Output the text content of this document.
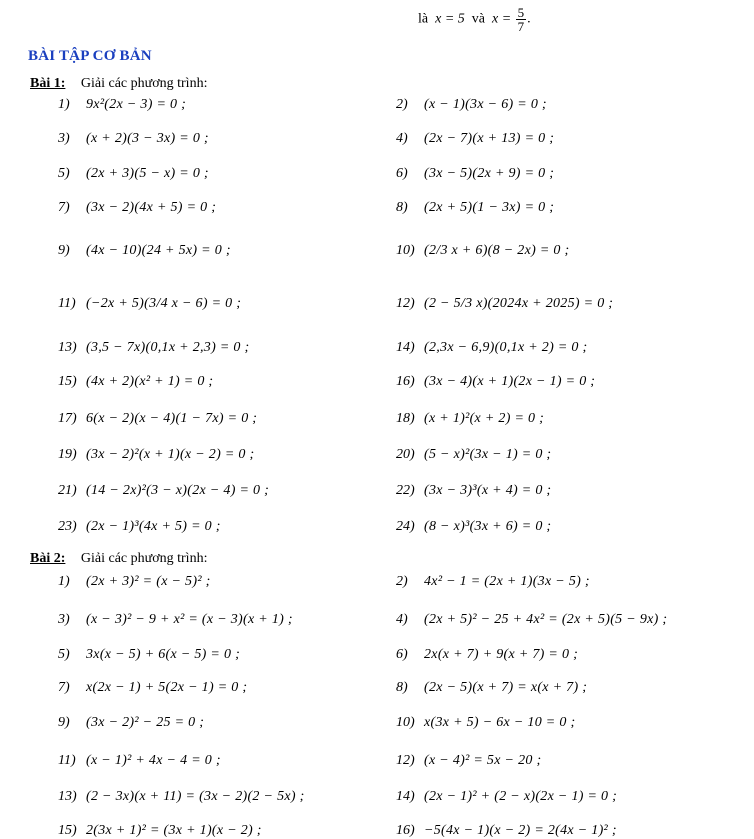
là x = 5 và $x = \frac{5}{7}$ .
BÀI TẬP CƠ BẢN
Bài 1: Giải các phương trình:
1) 9x²(2x − 3) = 0 ;	2) (x − 1)(3x − 6) = 0 ;
3) (x + 2)(3 − 3x) = 0 ;	4) (2x − 7)(x + 13) = 0 ;
5) (2x + 3)(5 − x) = 0 ;	6) (3x − 5)(2x + 9) = 0 ;
7) (3x − 2)(4x + 5) = 0 ;	8) (2x + 5)(1 − 3x) = 0 ;
9) (4x − 10)(24 + 5x) = 0 ;	10) (2/3 x + 6)(8 − 2x) = 0 ;
11) (−2x + 5)(3/4 x − 6) = 0 ;	12) (2 − 5/3 x)(2024x + 2025) = 0 ;
13) (3,5 − 7x)(0,1x + 2,3) = 0 ;	14) (2,3x − 6,9)(0,1x + 2) = 0 ;
15) (4x + 2)(x² + 1) = 0 ;	16) (3x − 4)(x + 1)(2x − 1) = 0 ;
17) 6(x − 2)(x − 4)(1 − 7x) = 0 ;	18) (x + 1)²(x + 2) = 0 ;
19) (3x − 2)²(x + 1)(x − 2) = 0 ;	20) (5 − x)²(3x − 1) = 0 ;
21) (14 − 2x)²(3 − x)(2x − 4) = 0 ;	22) (3x − 3)³(x + 4) = 0 ;
23) (2x − 1)³(4x + 5) = 0 ;	24) (8 − x)³(3x + 6) = 0 ;
Bài 2: Giải các phương trình:
1) (2x + 3)² = (x − 5)² ;	2) 4x² − 1 = (2x + 1)(3x − 5) ;
3) (x − 3)² − 9 + x² = (x − 3)(x + 1) ;	4) (2x + 5)² − 25 + 4x² = (2x + 5)(5 − 9x) ;
5) 3x(x − 5) + 6(x − 5) = 0 ;	6) 2x(x + 7) + 9(x + 7) = 0 ;
7) x(2x − 1) + 5(2x − 1) = 0 ;	8) (2x − 5)(x + 7) = x(x + 7) ;
9) (3x − 2)² − 25 = 0 ;	10) x(3x + 5) − 6x − 10 = 0 ;
11) (x − 1)² + 4x − 4 = 0 ;	12) (x − 4)² = 5x − 20 ;
13) (2 − 3x)(x + 11) = (3x − 2)(2 − 5x) ;	14) (2x − 1)² + (2 − x)(2x − 1) = 0 ;
15) 2(3x + 1)² = (3x + 1)(x − 2) ;	16) −5(4x − 1)(x − 2) = 2(4x − 1)² ;
